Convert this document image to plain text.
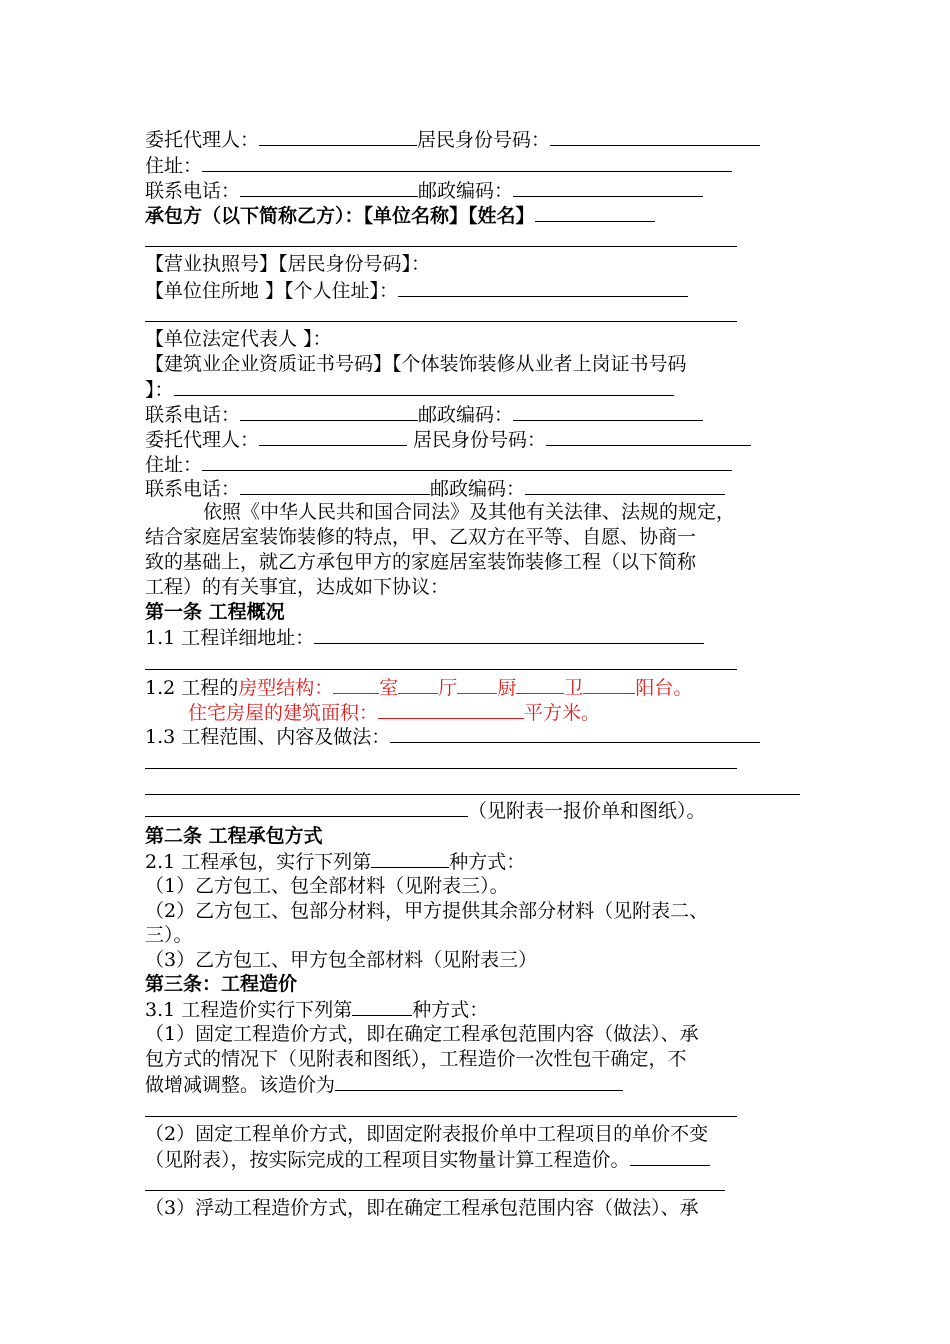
委托代理人：	居民身份号码：
住址：
联系电话：	邮政编码：
承包方（以下简称乙方）：【单位名称】【姓名】
【营业执照号】【居民身份号码】：
【单位住所地 】【个人住址】：
【单位法定代表人 】：
【建筑业企业资质证书号码】【个体装饰装修从业者上岗证书号码
】：
联系电话：	邮政编码：
委托代理人：	居民身份号码：
住址：
联系电话：	邮政编码：
依照《中华人民共和国合同法》及其他有关法律、法规的规定，
结合家庭居室装饰装修的特点，甲、乙双方在平等、自愿、协商一
致的基础上，就乙方承包甲方的家庭居室装饰装修工程（以下简称
工程）的有关事宜，达成如下协议：
第一条 工程概况
1.1 工程详细地址：
1.2 工程的房型结构： 室 厅 厨	卫	阳台。
住宅房屋的建筑面积：	平方米。
1.3 工程范围、内容及做法：
（见附表一报价单和图纸）。
第二条 工程承包方式
2.1 工程承包，实行下列第	种方式：
（1）乙方包工、包全部材料（见附表三）。
（2）乙方包工、包部分材料，甲方提供其余部分材料（见附表二、
三）。
（3）乙方包工、甲方包全部材料（见附表三）
第三条：工程造价
3.1 工程造价实行下列第	种方式：
（1）固定工程造价方式，即在确定工程承包范围内容（做法）、承
包方式的情况下（见附表和图纸），工程造价一次性包干确定，不
做增减调整。该造价为
（2）固定工程单价方式，即固定附表报价单中工程项目的单价不变
（见附表），按实际完成的工程项目实物量计算工程造价。
（3）浮动工程造价方式，即在确定工程承包范围内容（做法）、承
